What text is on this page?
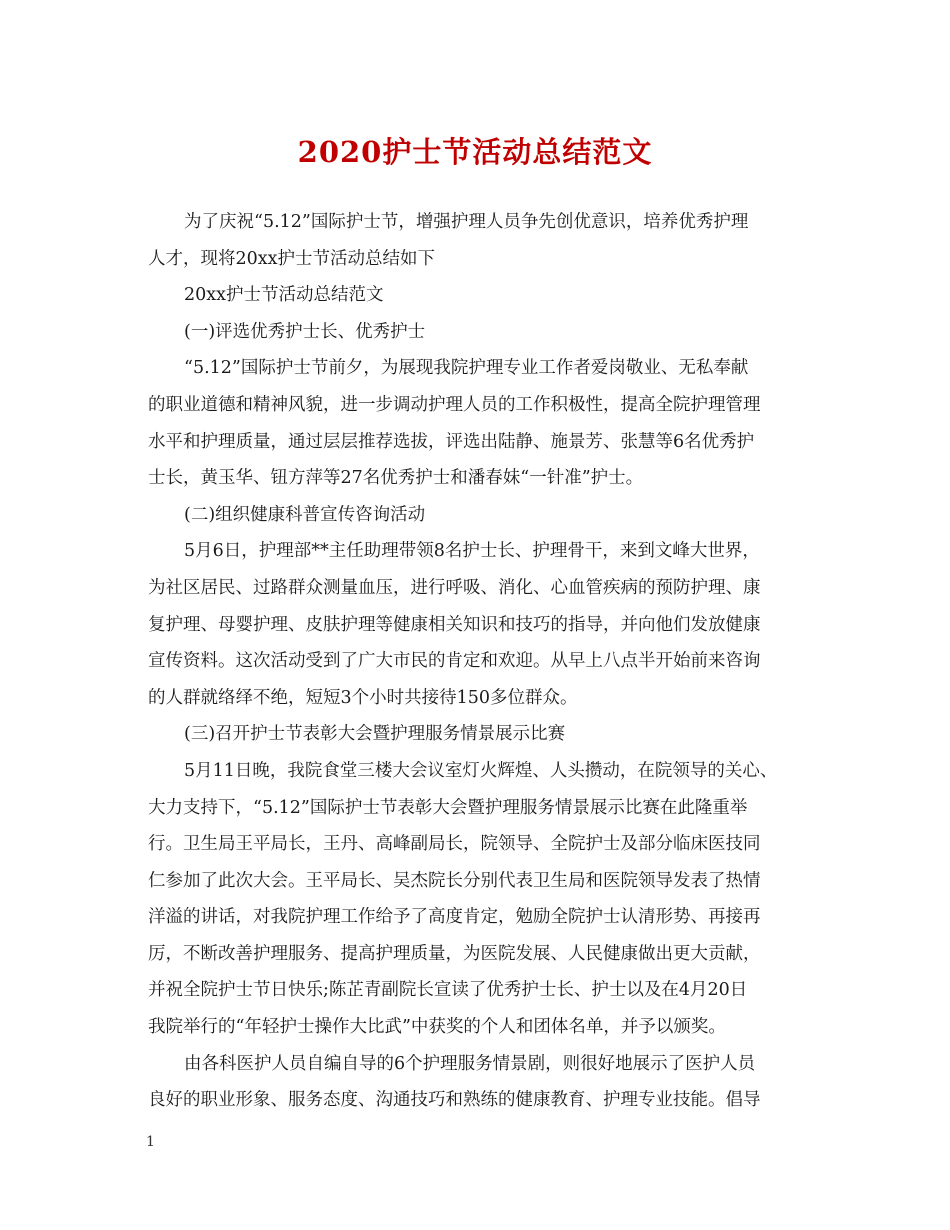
2020护士节活动总结范文
为了庆祝“5.12”国际护士节，增强护理人员争先创优意识，培养优秀护理
人才，现将20xx护士节活动总结如下
20xx护士节活动总结范文
(一)评选优秀护士长、优秀护士
“5.12”国际护士节前夕，为展现我院护理专业工作者爱岗敬业、无私奉献
的职业道德和精神风貌，进一步调动护理人员的工作积极性，提高全院护理管理
水平和护理质量，通过层层推荐选拔，评选出陆静、施景芳、张慧等6名优秀护
士长，黄玉华、钮方萍等27名优秀护士和潘春妹“一针准”护士。
(二)组织健康科普宣传咨询活动
5月6日，护理部**主任助理带领8名护士长、护理骨干，来到文峰大世界，
为社区居民、过路群众测量血压，进行呼吸、消化、心血管疾病的预防护理、康
复护理、母婴护理、皮肤护理等健康相关知识和技巧的指导，并向他们发放健康
宣传资料。这次活动受到了广大市民的肯定和欢迎。从早上八点半开始前来咨询
的人群就络绎不绝，短短3个小时共接待150多位群众。
(三)召开护士节表彰大会暨护理服务情景展示比赛
5月11日晚，我院食堂三楼大会议室灯火辉煌、人头攒动，在院领导的关心、
大力支持下，“5.12”国际护士节表彰大会暨护理服务情景展示比赛在此隆重举
行。卫生局王平局长，王丹、高峰副局长，院领导、全院护士及部分临床医技同
仁参加了此次大会。王平局长、吴杰院长分别代表卫生局和医院领导发表了热情
洋溢的讲话，对我院护理工作给予了高度肯定，勉励全院护士认清形势、再接再
厉，不断改善护理服务、提高护理质量，为医院发展、人民健康做出更大贡献，
并祝全院护士节日快乐;陈芷青副院长宣读了优秀护士长、护士以及在4月20日
我院举行的“年轻护士操作大比武”中获奖的个人和团体名单，并予以颁奖。
由各科医护人员自编自导的6个护理服务情景剧，则很好地展示了医护人员
良好的职业形象、服务态度、沟通技巧和熟练的健康教育、护理专业技能。倡导
1
